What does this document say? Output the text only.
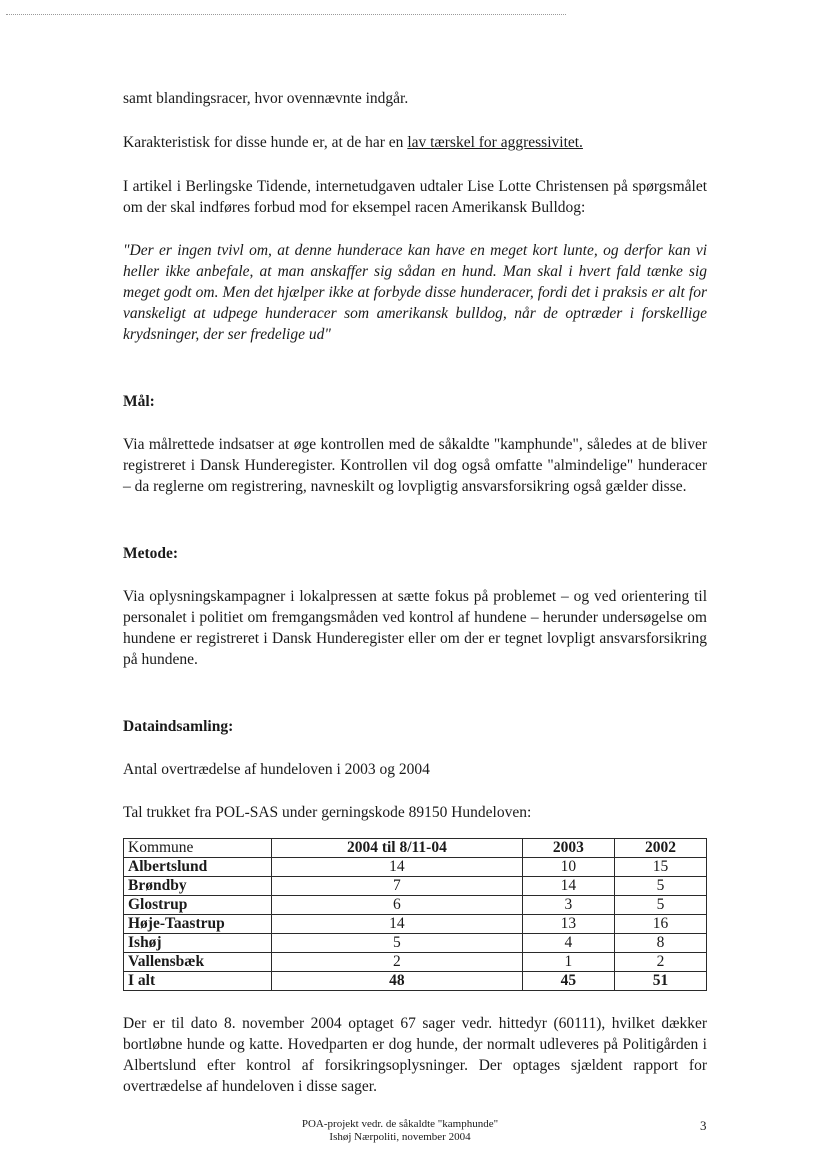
samt blandingsracer, hvor ovennævnte indgår.

Karakteristisk for disse hunde er, at de har en lav tærskel for aggressivitet.

I artikel i Berlingske Tidende, internetudgaven udtaler Lise Lotte Christensen på spørgsmålet om der skal indføres forbud mod for eksempel racen Amerikansk Bulldog:

"Der er ingen tvivl om, at denne hunderace kan have en meget kort lunte, og derfor kan vi heller ikke anbefale, at man anskaffer sig sådan en hund. Man skal i hvert fald tænke sig meget godt om. Men det hjælper ikke at forbyde disse hunderacer, fordi det i praksis er alt for vanskeligt at udpege hunderacer som amerikansk bulldog, når de optræder i forskellige krydsninger, der ser fredelige ud"

Mål:

Via målrettede indsatser at øge kontrollen med de såkaldte "kamphunde", således at de bliver registreret i Dansk Hunderegister. Kontrollen vil dog også omfatte "almindelige" hunderacer – da reglerne om registrering, navneskilt og lovpligtig ansvarsforsikring også gælder disse.

Metode:

Via oplysningskampagner i lokalpressen at sætte fokus på problemet – og ved orientering til personalet i politiet om fremgangsmåden ved kontrol af hundene – herunder undersøgelse om hundene er registreret i Dansk Hunderegister eller om der er tegnet lovpligt ansvarsforsikring på hundene.

Dataindsamling:

Antal overtrædelse af hundeloven i 2003 og 2004

Tal trukket fra POL-SAS under gerningskode 89150 Hundeloven:

Kommune	2004 til 8/11-04	2003	2002
Albertslund	14	10	15
Brøndby	7	14	5
Glostrup	6	3	5
Høje-Taastrup	14	13	16
Ishøj	5	4	8
Vallensbæk	2	1	2
I alt	48	45	51

Der er til dato 8. november 2004 optaget 67 sager vedr. hittedyr (60111), hvilket dækker bortløbne hunde og katte. Hovedparten er dog hunde, der normalt udleveres på Politigården i Albertslund efter kontrol af forsikringsoplysninger. Der optages sjældent rapport for overtrædelse af hundeloven i disse sager.

POA-projekt vedr. de såkaldte "kamphunde"
Ishøj Nærpoliti, november 2004
3
